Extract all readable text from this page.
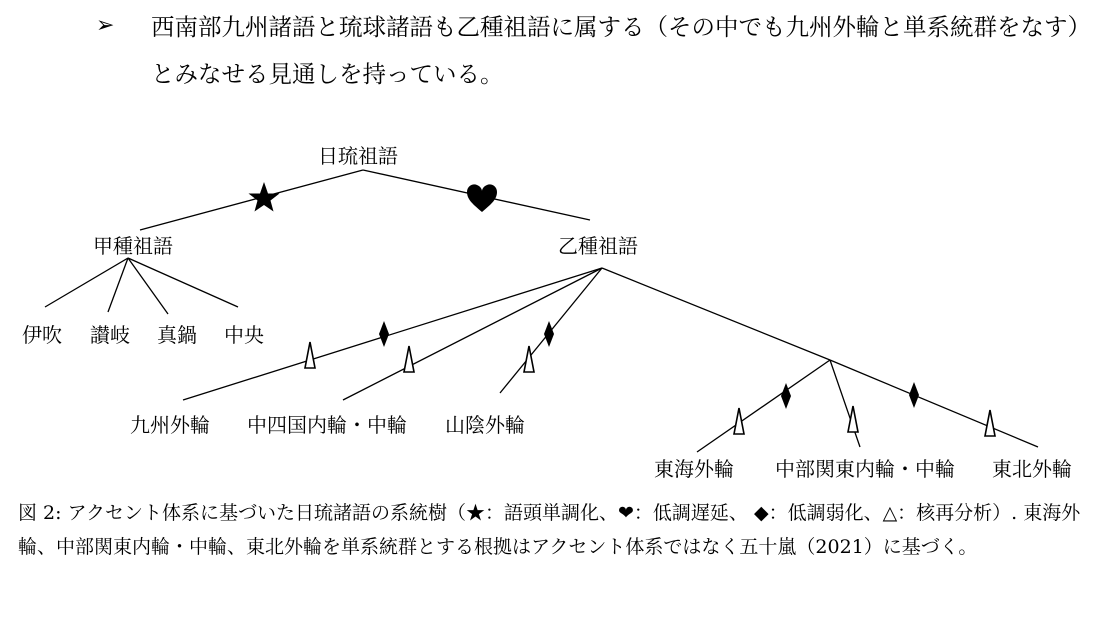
➢ 西南部九州諸語と琉球諸語も乙種祖語に属する（その中でも九州外輪と単系統群をなす）とみなせる見通しを持っている。
日琉祖語
甲種祖語	乙種祖語
伊吹 讃岐 真鍋 中央
九州外輪 中四国内輪・中輪 山陰外輪
東海外輪 中部関東内輪・中輪 東北外輪
図 2: アクセント体系に基づいた日琉諸語の系統樹（★：語頭単調化、❤：低調遅延、 ◆：低調弱化、△：核再分析）. 東海外輪、中部関東内輪・中輪、東北外輪を単系統群とする根拠はアクセント体系ではなく五十嵐（2021）に基づく。
